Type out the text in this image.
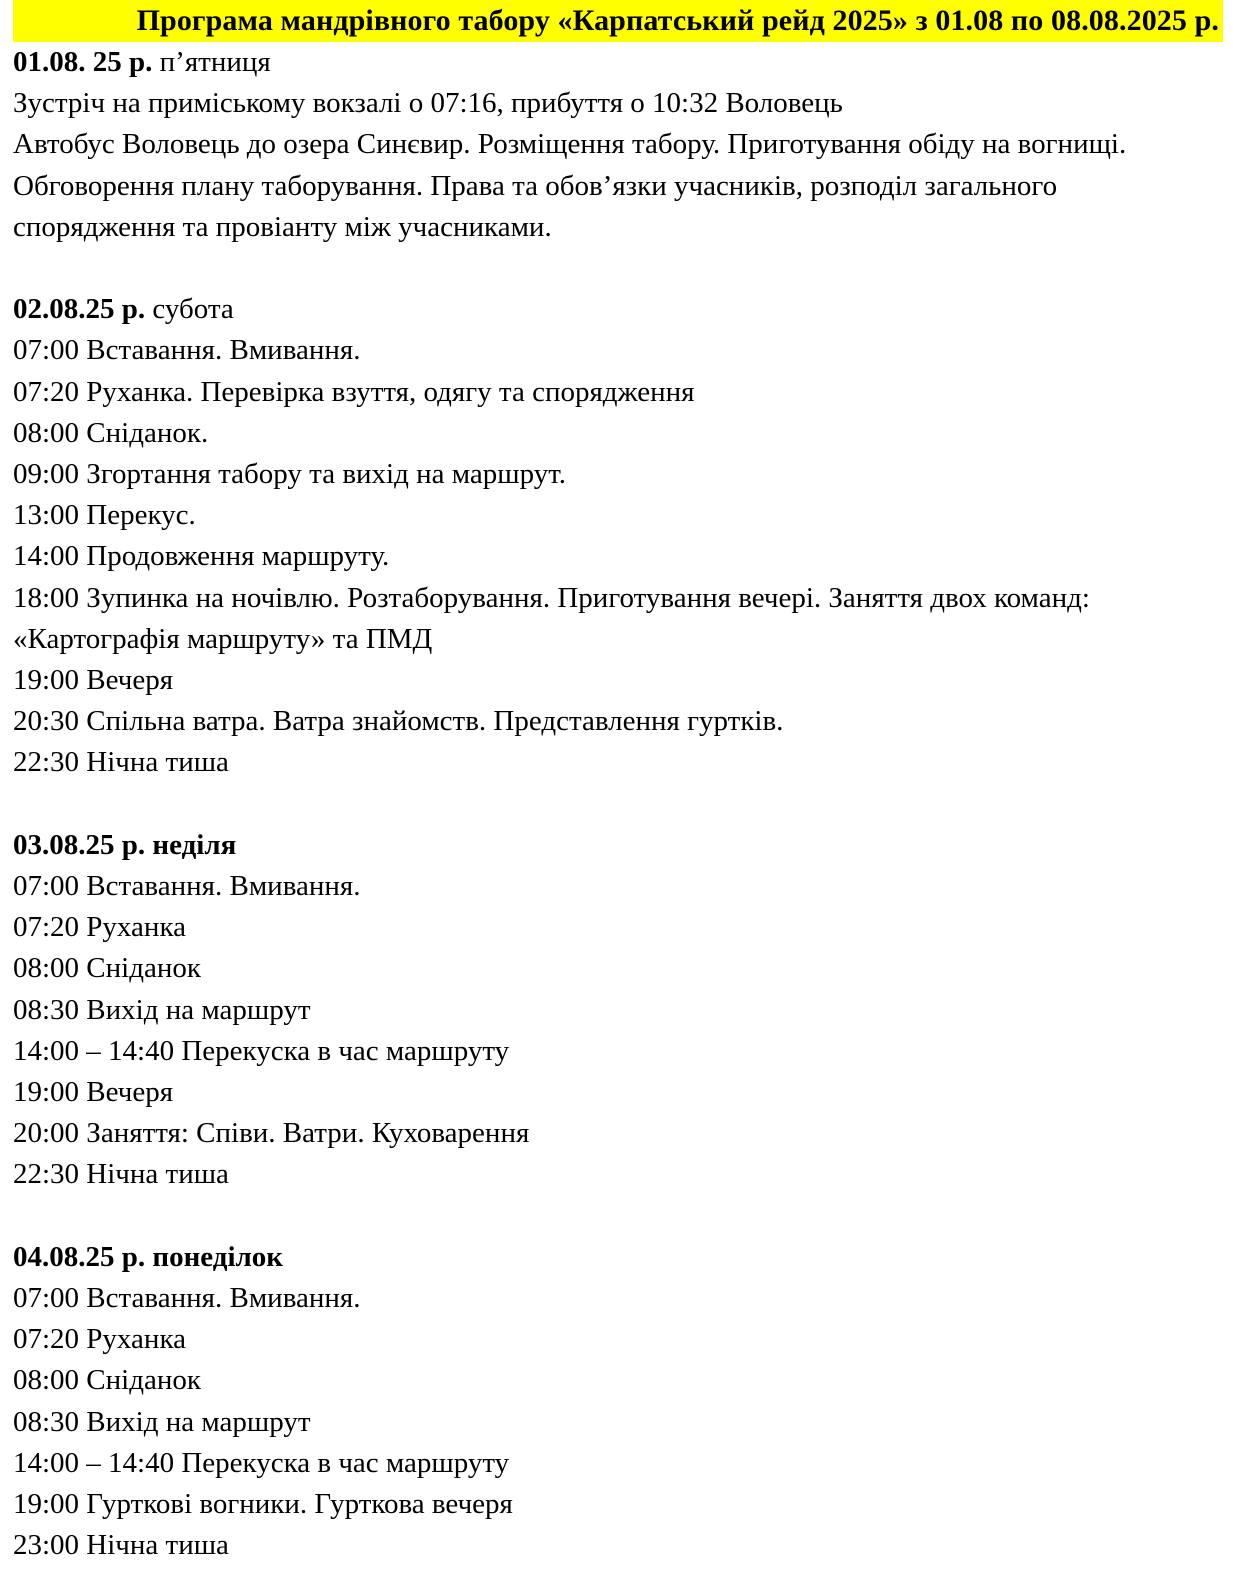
Програма мандрівного табору «Карпатський рейд 2025» з 01.08 по 08.08.2025 р.
01.08. 25 р. п’ятниця
Зустріч на приміському вокзалі о 07:16, прибуття о 10:32 Воловець
Автобус Воловець до озера Синєвир. Розміщення табору. Приготування обіду на вогнищі. Обговорення плану таборування. Права та обов’язки учасників, розподіл загального спорядження та провіанту між учасниками.
02.08.25 р. субота
07:00 Вставання. Вмивання.
07:20 Руханка. Перевірка взуття, одягу та спорядження
08:00 Сніданок.
09:00 Згортання табору та вихід на маршрут.
13:00 Перекус.
14:00 Продовження маршруту.
18:00 Зупинка на ночівлю. Розтаборування. Приготування вечері. Заняття двох команд: «Картографія маршруту» та ПМД
19:00 Вечеря
20:30 Спільна ватра. Ватра знайомств. Представлення гуртків.
22:30 Нічна тиша
03.08.25 р. неділя
07:00 Вставання. Вмивання.
07:20 Руханка
08:00 Сніданок
08:30 Вихід на маршрут
14:00 – 14:40 Перекуска в час маршруту
19:00 Вечеря
20:00 Заняття: Співи. Ватри. Куховарення
22:30 Нічна тиша
04.08.25 р. понеділок
07:00 Вставання. Вмивання.
07:20 Руханка
08:00 Сніданок
08:30 Вихід на маршрут
14:00 – 14:40 Перекуска в час маршруту
19:00 Гуртковi вогники. Гурткова вечеря
23:00 Нічна тиша
